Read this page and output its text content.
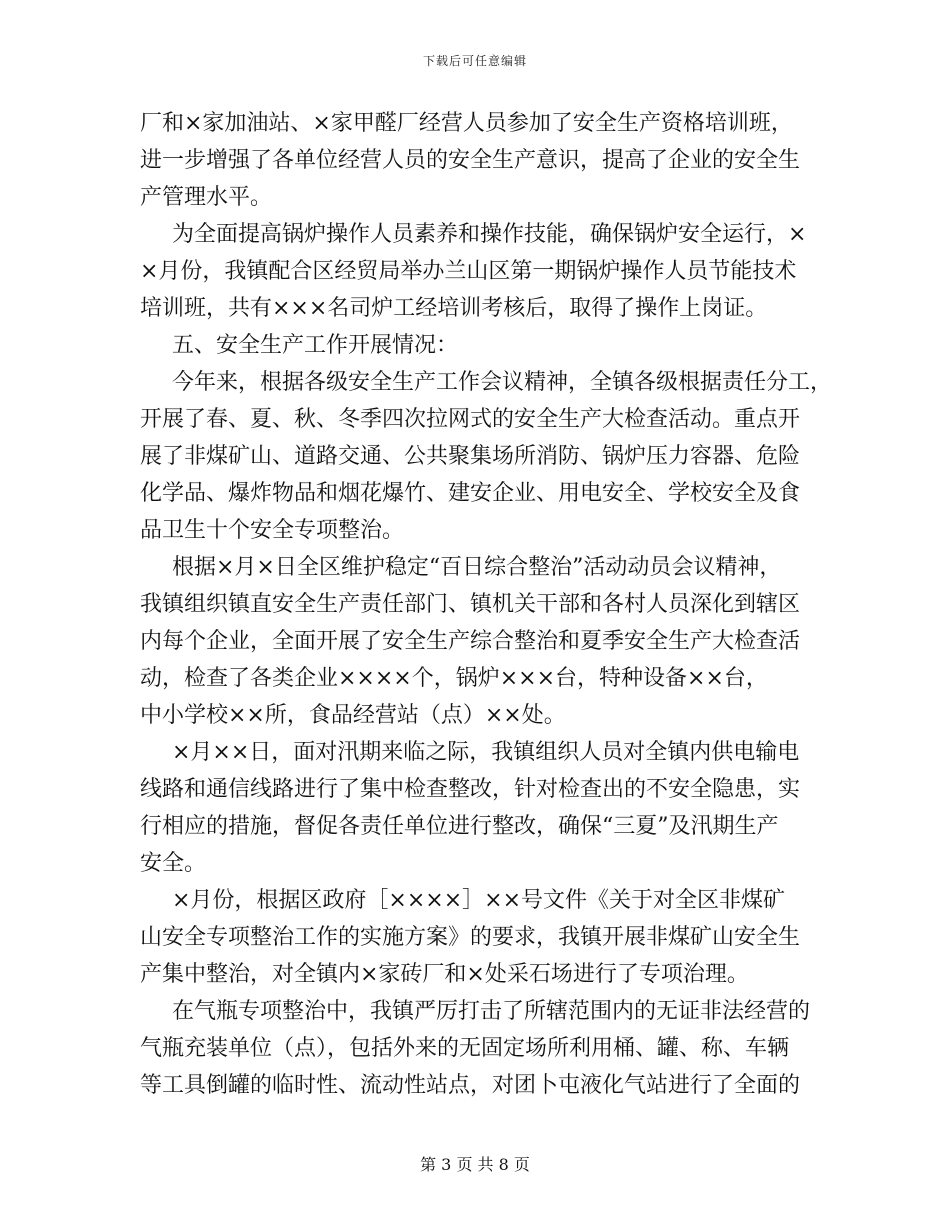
下载后可任意编辑
厂和×家加油站、×家甲醛厂经营人员参加了安全生产资格培训班，
进一步增强了各单位经营人员的安全生产意识，提高了企业的安全生
产管理水平。
为全面提高锅炉操作人员素养和操作技能，确保锅炉安全运行，×
×月份，我镇配合区经贸局举办兰山区第一期锅炉操作人员节能技术
培训班，共有×××名司炉工经培训考核后，取得了操作上岗证。
五、安全生产工作开展情况：
今年来，根据各级安全生产工作会议精神，全镇各级根据责任分工，
开展了春、夏、秋、冬季四次拉网式的安全生产大检查活动。重点开
展了非煤矿山、道路交通、公共聚集场所消防、锅炉压力容器、危险
化学品、爆炸物品和烟花爆竹、建安企业、用电安全、学校安全及食
品卫生十个安全专项整治。
根据×月×日全区维护稳定“百日综合整治”活动动员会议精神，
我镇组织镇直安全生产责任部门、镇机关干部和各村人员深化到辖区
内每个企业，全面开展了安全生产综合整治和夏季安全生产大检查活
动，检查了各类企业××××个，锅炉×××台，特种设备××台，
中小学校××所，食品经营站（点）××处。
×月××日，面对汛期来临之际，我镇组织人员对全镇内供电输电
线路和通信线路进行了集中检查整改，针对检查出的不安全隐患，实
行相应的措施，督促各责任单位进行整改，确保“三夏”及汛期生产
安全。
×月份，根据区政府［××××］××号文件《关于对全区非煤矿
山安全专项整治工作的实施方案》的要求，我镇开展非煤矿山安全生
产集中整治，对全镇内×家砖厂和×处采石场进行了专项治理。
在气瓶专项整治中，我镇严厉打击了所辖范围内的无证非法经营的
气瓶充装单位（点），包括外来的无固定场所利用桶、罐、称、车辆
等工具倒罐的临时性、流动性站点，对团卜屯液化气站进行了全面的
第 3 页 共 8 页
